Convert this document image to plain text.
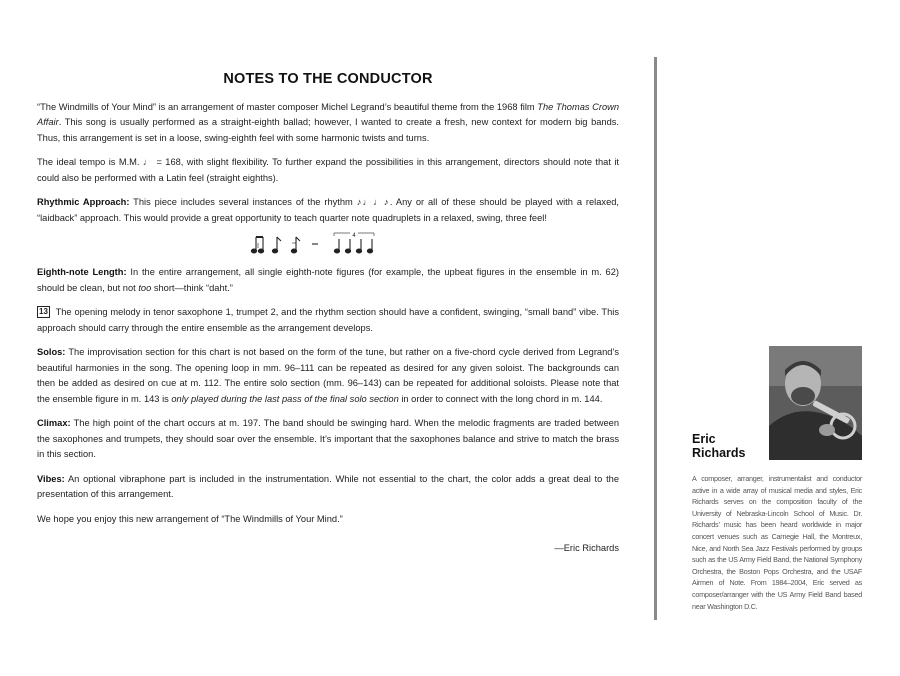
NOTES TO THE CONDUCTOR

“The Windmills of Your Mind” is an arrangement of master composer Michel Legrand’s beautiful theme from the 1968 film The Thomas Crown Affair. This song is usually performed as a straight-eighth ballad; however, I wanted to create a fresh, new context for modern big bands. Thus, this arrangement is set in a loose, swing-eighth feel with some harmonic twists and turns.

The ideal tempo is M.M. ♩ = 168, with slight flexibility. To further expand the possibilities in this arrangement, directors should note that it could also be performed with a Latin feel (straight eighths).

Rhythmic Approach: This piece includes several instances of the rhythm ♪♩♩♪. Any or all of these should be played with a relaxed, “laidback” approach. This would provide a great opportunity to teach quarter note quadruplets in a relaxed, swing, three feel!

4

Eighth-note Length: In the entire arrangement, all single eighth-note figures (for example, the upbeat figures in the ensemble in m. 62) should be clean, but not too short—think “daht.”

13 The opening melody in tenor saxophone 1, trumpet 2, and the rhythm section should have a confident, swinging, “small band” vibe. This approach should carry through the entire ensemble as the arrangement develops.

Solos: The improvisation section for this chart is not based on the form of the tune, but rather on a five-chord cycle derived from Legrand’s beautiful harmonies in the song. The opening loop in mm. 96–111 can be repeated as desired for any given soloist. The backgrounds can then be added as desired on cue at m. 112. The entire solo section (mm. 96–143) can be repeated for additional soloists. Please note that the ensemble figure in m. 143 is only played during the last pass of the final solo section in order to connect with the long chord in m. 144.

Climax: The high point of the chart occurs at m. 197. The band should be swinging hard. When the melodic fragments are traded between the saxophones and trumpets, they should soar over the ensemble. It’s important that the saxophones balance and strive to match the brass in this section.

Vibes: An optional vibraphone part is included in the instrumentation. While not essential to the chart, the color adds a great deal to the presentation of this arrangement.

We hope you enjoy this new arrangement of “The Windmills of Your Mind.”

—Eric Richards
Eric
Richards
A composer, arranger, instrumentalist and conductor active in a wide array of musical media and styles, Eric Richards serves on the composition faculty of the University of Nebraska-Lincoln School of Music. Dr. Richards’ music has been heard worldwide in major concert venues such as Carnegie Hall, the Montreux, Nice, and North Sea Jazz Festivals performed by groups such as the US Army Field Band, the National Symphony Orchestra, the Boston Pops Orchestra, and the USAF Airmen of Note. From 1984–2004, Eric served as composer/arranger with the US Army Field Band based near Washington D.C.
